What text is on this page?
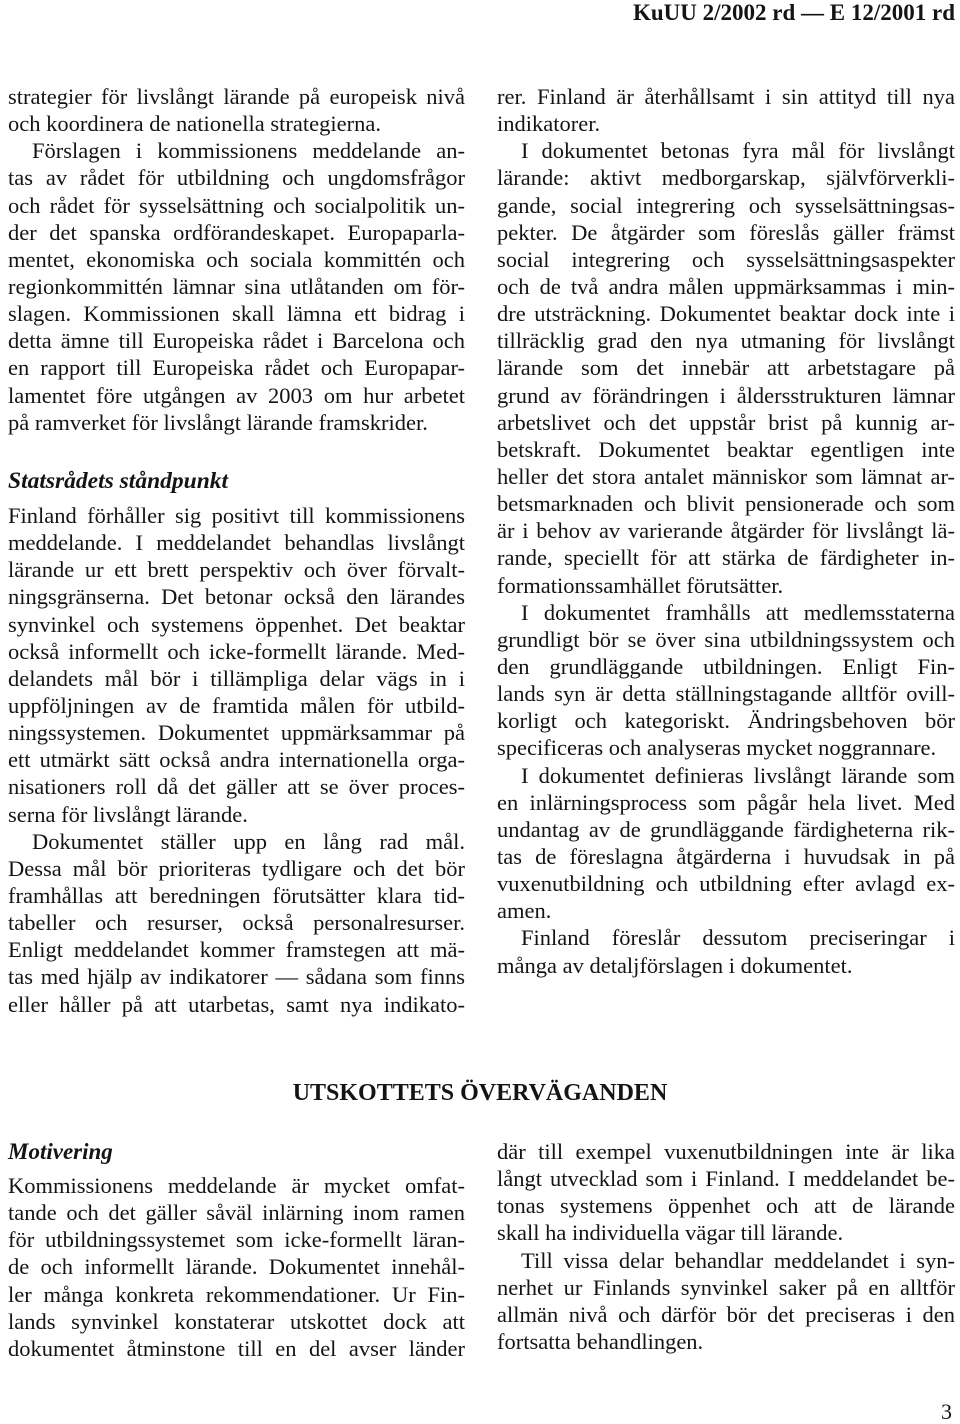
KuUU 2/2002 rd — E 12/2001 rd
strategier för livslångt lärande på europeisk nivå
och koordinera de nationella strategierna.
Förslagen i kommissionens meddelande an-
tas av rådet för utbildning och ungdomsfrågor
och rådet för sysselsättning och socialpolitik un-
der det spanska ordförandeskapet. Europaparla-
mentet, ekonomiska och sociala kommittén och
regionkommittén lämnar sina utlåtanden om för-
slagen. Kommissionen skall lämna ett bidrag i
detta ämne till Europeiska rådet i Barcelona och
en rapport till Europeiska rådet och Europapar-
lamentet före utgången av 2003 om hur arbetet
på ramverket för livslångt lärande framskrider.
Statsrådets ståndpunkt
Finland förhåller sig positivt till kommissionens
meddelande. I meddelandet behandlas livslångt
lärande ur ett brett perspektiv och över förvalt-
ningsgränserna. Det betonar också den lärandes
synvinkel och systemens öppenhet. Det beaktar
också informellt och icke-formellt lärande. Med-
delandets mål bör i tillämpliga delar vägs in i
uppföljningen av de framtida målen för utbild-
ningssystemen. Dokumentet uppmärksammar på
ett utmärkt sätt också andra internationella orga-
nisationers roll då det gäller att se över proces-
serna för livslångt lärande.
Dokumentet ställer upp en lång rad mål.
Dessa mål bör prioriteras tydligare och det bör
framhållas att beredningen förutsätter klara tid-
tabeller och resurser, också personalresurser.
Enligt meddelandet kommer framstegen att mä-
tas med hjälp av indikatorer — sådana som finns
eller håller på att utarbetas, samt nya indikato-
rer. Finland är återhållsamt i sin attityd till nya
indikatorer.
I dokumentet betonas fyra mål för livslångt
lärande: aktivt medborgarskap, självförverkli-
gande, social integrering och sysselsättningsas-
pekter. De åtgärder som föreslås gäller främst
social integrering och sysselsättningsaspekter
och de två andra målen uppmärksammas i min-
dre utsträckning. Dokumentet beaktar dock inte i
tillräcklig grad den nya utmaning för livslångt
lärande som det innebär att arbetstagare på
grund av förändringen i åldersstrukturen lämnar
arbetslivet och det uppstår brist på kunnig ar-
betskraft. Dokumentet beaktar egentligen inte
heller det stora antalet människor som lämnat ar-
betsmarknaden och blivit pensionerade och som
är i behov av varierande åtgärder för livslångt lä-
rande, speciellt för att stärka de färdigheter in-
formationssamhället förutsätter.
I dokumentet framhålls att medlemsstaterna
grundligt bör se över sina utbildningssystem och
den grundläggande utbildningen. Enligt Fin-
lands syn är detta ställningstagande alltför ovill-
korligt och kategoriskt. Ändringsbehoven bör
specificeras och analyseras mycket noggrannare.
I dokumentet definieras livslångt lärande som
en inlärningsprocess som pågår hela livet. Med
undantag av de grundläggande färdigheterna rik-
tas de föreslagna åtgärderna i huvudsak in på
vuxenutbildning och utbildning efter avlagd ex-
amen.
Finland föreslår dessutom preciseringar i
många av detaljförslagen i dokumentet.
UTSKOTTETS ÖVERVÄGANDEN
Motivering
Kommissionens meddelande är mycket omfat-
tande och det gäller såväl inlärning inom ramen
för utbildningssystemet som icke-formellt läran-
de och informellt lärande. Dokumentet innehål-
ler många konkreta rekommendationer. Ur Fin-
lands synvinkel konstaterar utskottet dock att
dokumentet åtminstone till en del avser länder
där till exempel vuxenutbildningen inte är lika
långt utvecklad som i Finland. I meddelandet be-
tonas systemens öppenhet och att de lärande
skall ha individuella vägar till lärande.
Till vissa delar behandlar meddelandet i syn-
nerhet ur Finlands synvinkel saker på en alltför
allmän nivå och därför bör det preciseras i den
fortsatta behandlingen.
3
